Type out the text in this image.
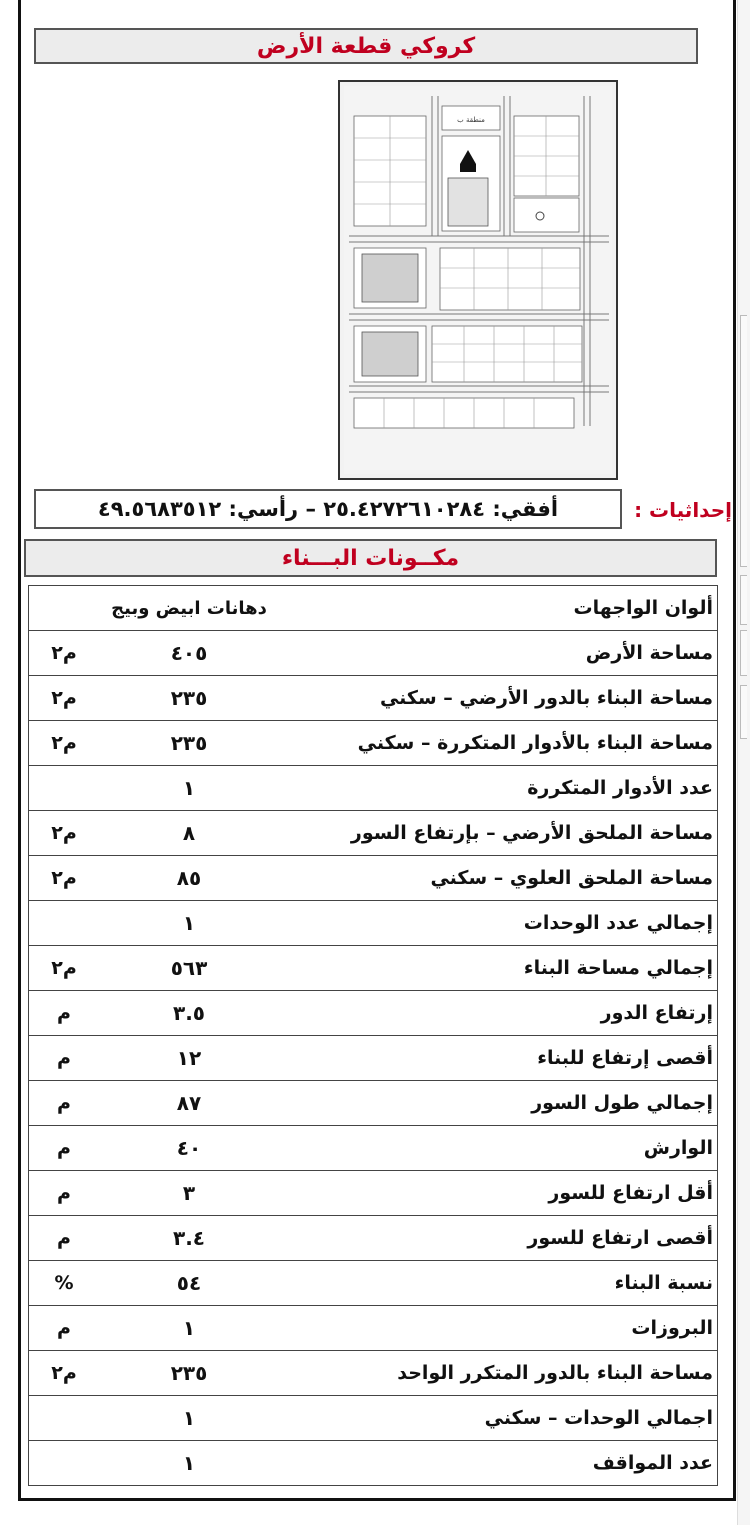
كروكي قطعة الأرض
منطقة ب
إحداثيات :
أفقي: ٢٥.٤٢٧٢٦١٠٢٨٤ – رأسي: ٤٩.٥٦٨٣٥١٢
مكــونات البـــناء
دهانات ابيض وبيج	ألوان الواجهات

م٢	٤٠٥	مساحة الأرض

م٢	٢٣٥	مساحة البناء بالدور الأرضي – سكني

م٢	٢٣٥	مساحة البناء بالأدوار المتكررة – سكني

١	عدد الأدوار المتكررة

م٢	٨	مساحة الملحق الأرضي – بإرتفاع السور

م٢	٨٥	مساحة الملحق العلوي – سكني

١	إجمالي عدد الوحدات

م٢	٥٦٣	إجمالي مساحة البناء

م	٣.٥	إرتفاع الدور

م	١٢	أقصى إرتفاع للبناء

م	٨٧	إجمالي طول السور

م	٤٠	الوارش

م	٣	أقل ارتفاع للسور

م	٣.٤	أقصى ارتفاع للسور

%	٥٤	نسبة البناء

م	١	البروزات

م٢	٢٣٥	مساحة البناء بالدور المتكرر الواحد

١	اجمالي الوحدات – سكني

١	عدد المواقف
